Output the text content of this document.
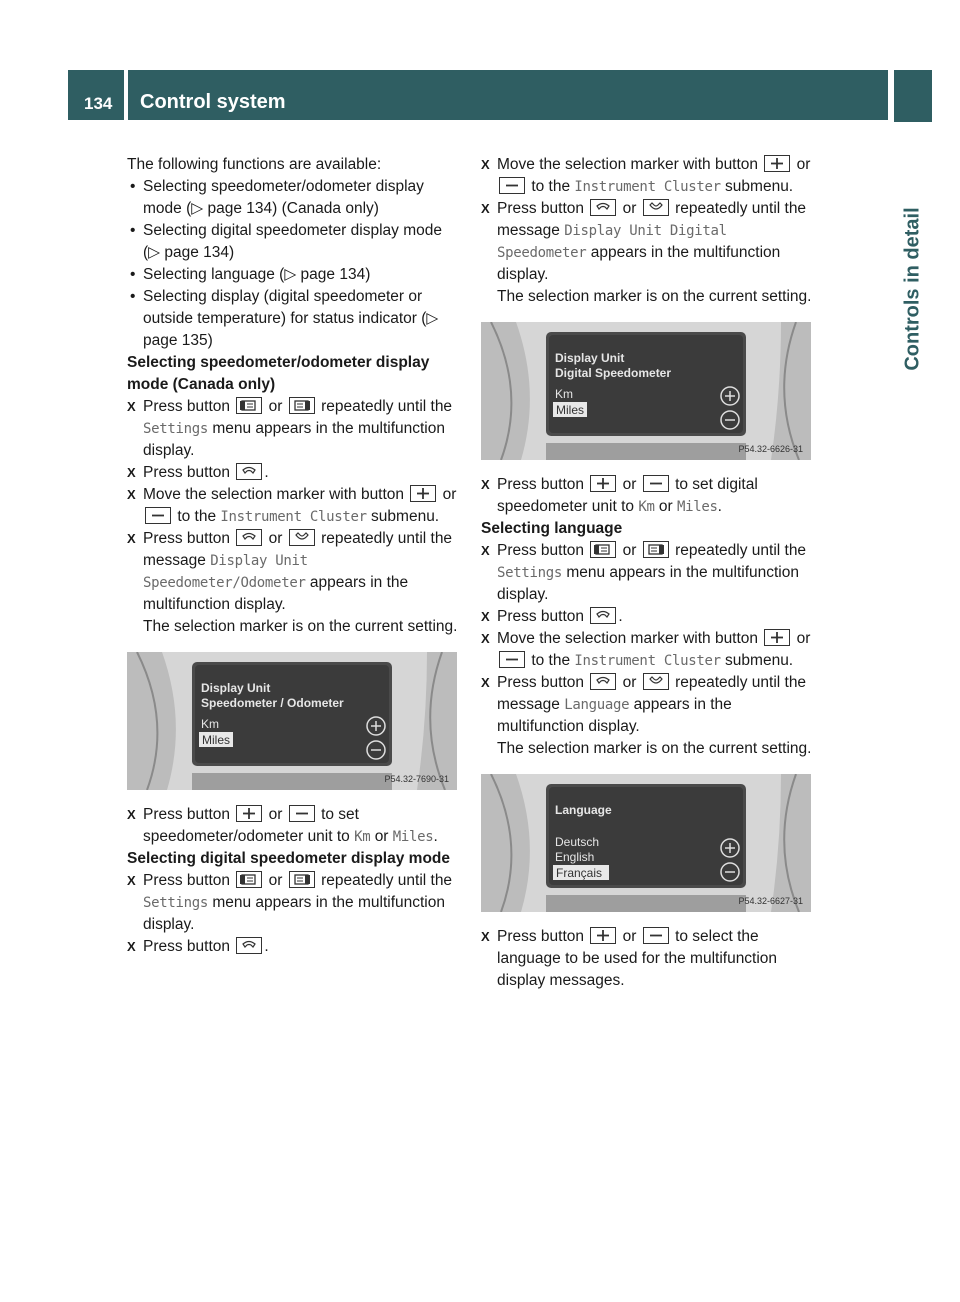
134	Control system
Controls in detail

The following functions are available:

• Selecting speedometer/odometer display mode (▷ page 134) (Canada only)

• Selecting digital speedometer display mode (▷ page 134)

• Selecting language (▷ page 134)

• Selecting display (digital speedometer or outside temperature) for status indicator (▷ page 135)

Selecting speedometer/odometer display mode (Canada only)

X Press button or repeatedly until the Settings menu appears in the multifunction display.

X Press button .

X Move the selection marker with button or
to the Instrument Cluster submenu.

X Press button or repeatedly until the message Display Unit Speedometer/Odometer appears in the multifunction display.
The selection marker is on the current setting.

Display Unit
Speedometer / Odometer
Km
Miles
P54.32-7690-31

X Press button or to set speedometer/odometer unit to Km or Miles.

Selecting digital speedometer display mode

X Press button or repeatedly until the Settings menu appears in the multifunction display.

X Press button .

X Move the selection marker with button or
to the Instrument Cluster submenu.

X Press button or repeatedly until the message Display Unit Digital Speedometer appears in the multifunction display.
The selection marker is on the current setting.

Display Unit
Digital Speedometer
Km
Miles
P54.32-6626-31

X Press button or to set digital speedometer unit to Km or Miles.

Selecting language

X Press button or repeatedly until the Settings menu appears in the multifunction display.

X Press button .

X Move the selection marker with button or
to the Instrument Cluster submenu.

X Press button or repeatedly until the message Language appears in the multifunction display.
The selection marker is on the current setting.

Language
Deutsch
English
Français
P54.32-6627-31

X Press button or to select the language to be used for the multifunction display messages.
